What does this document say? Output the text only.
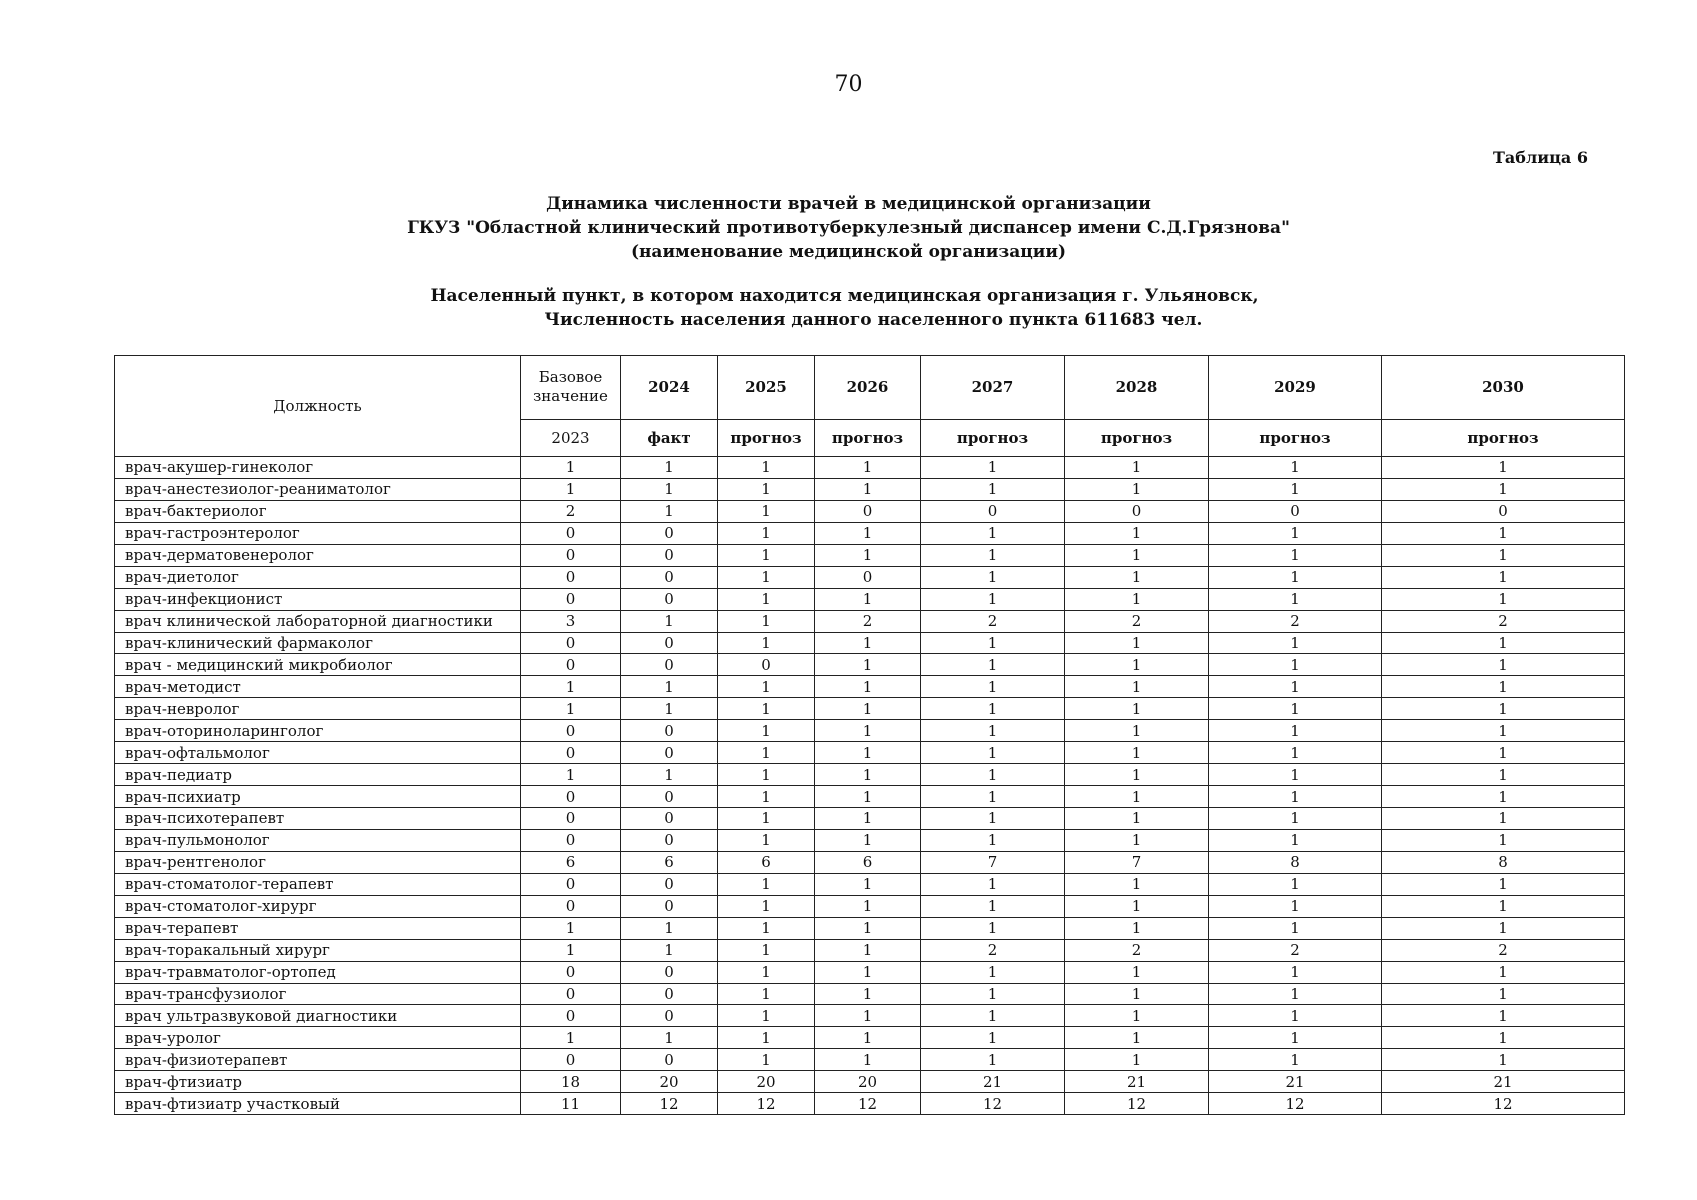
70
Таблица 6
Динамика численности врачей в медицинской организации
ГКУЗ "Областной клинический противотуберкулезный диспансер имени С.Д.Грязнова"
(наименование медицинской организации)
Населенный пункт, в котором находится медицинская организация г. Ульяновск,
Численность населения данного населенного пункта 611683 чел.
Должность	Базовое значение	2024	2025	2026	2027	2028	2029	2030
	2023	факт	прогноз	прогноз	прогноз	прогноз	прогноз	прогноз
врач-акушер-гинеколог	1	1	1	1	1	1	1	1
врач-анестезиолог-реаниматолог	1	1	1	1	1	1	1	1
врач-бактериолог	2	1	1	0	0	0	0	0
врач-гастроэнтеролог	0	0	1	1	1	1	1	1
врач-дерматовенеролог	0	0	1	1	1	1	1	1
врач-диетолог	0	0	1	0	1	1	1	1
врач-инфекционист	0	0	1	1	1	1	1	1
врач клинической лабораторной диагностики	3	1	1	2	2	2	2	2
врач-клинический фармаколог	0	0	1	1	1	1	1	1
врач - медицинский микробиолог	0	0	0	1	1	1	1	1
врач-методист	1	1	1	1	1	1	1	1
врач-невролог	1	1	1	1	1	1	1	1
врач-оториноларинголог	0	0	1	1	1	1	1	1
врач-офтальмолог	0	0	1	1	1	1	1	1
врач-педиатр	1	1	1	1	1	1	1	1
врач-психиатр	0	0	1	1	1	1	1	1
врач-психотерапевт	0	0	1	1	1	1	1	1
врач-пульмонолог	0	0	1	1	1	1	1	1
врач-рентгенолог	6	6	6	6	7	7	8	8
врач-стоматолог-терапевт	0	0	1	1	1	1	1	1
врач-стоматолог-хирург	0	0	1	1	1	1	1	1
врач-терапевт	1	1	1	1	1	1	1	1
врач-торакальный хирург	1	1	1	1	2	2	2	2
врач-травматолог-ортопед	0	0	1	1	1	1	1	1
врач-трансфузиолог	0	0	1	1	1	1	1	1
врач ультразвуковой диагностики	0	0	1	1	1	1	1	1
врач-уролог	1	1	1	1	1	1	1	1
врач-физиотерапевт	0	0	1	1	1	1	1	1
врач-фтизиатр	18	20	20	20	21	21	21	21
врач-фтизиатр участковый	11	12	12	12	12	12	12	12
